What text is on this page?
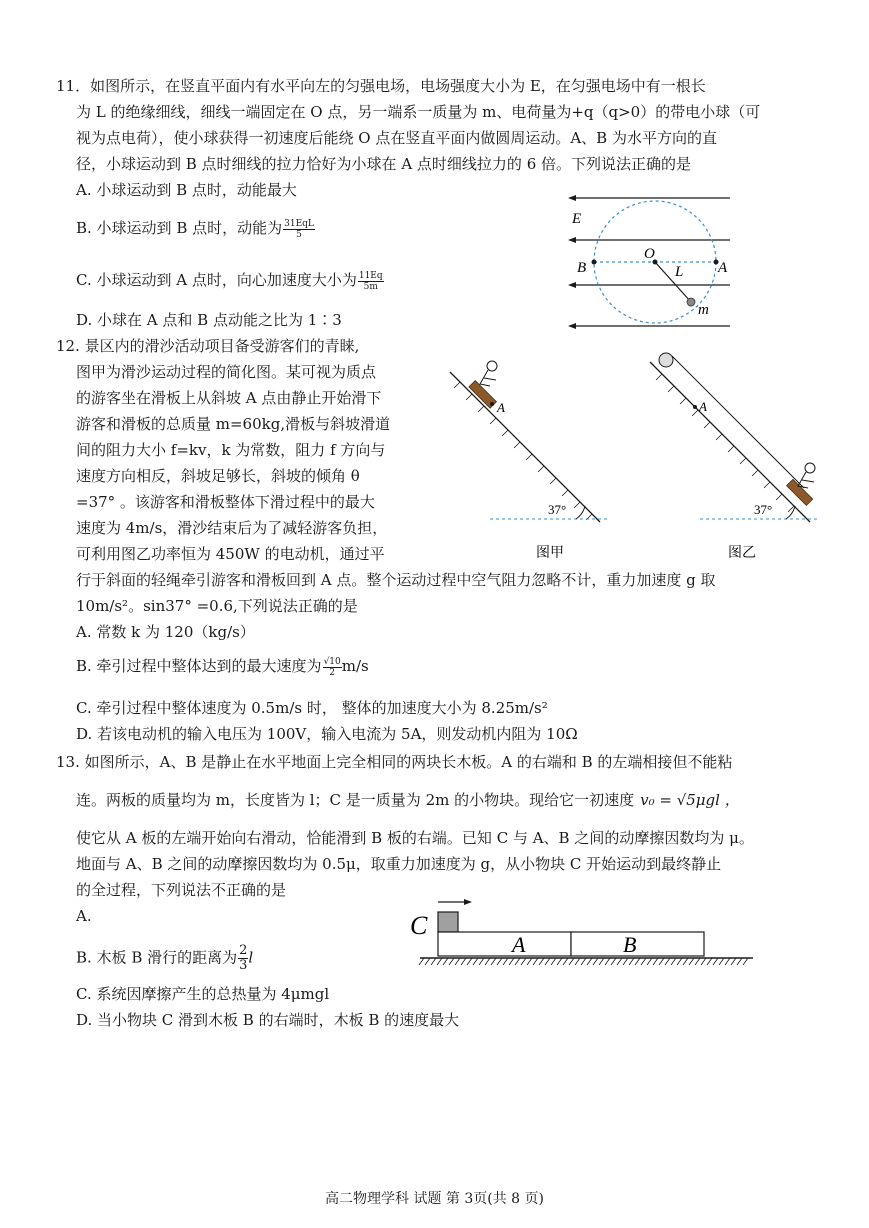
11．如图所示，在竖直平面内有水平向左的匀强电场，电场强度大小为 E，在匀强电场中有一根长
为 L 的绝缘细线，细线一端固定在 O 点，另一端系一质量为 m、电荷量为+q（q>0）的带电小球（可
视为点电荷），使小球获得一初速度后能绕 O 点在竖直平面内做圆周运动。A、B 为水平方向的直
径，小球运动到 B 点时细线的拉力恰好为小球在 A 点时细线拉力的 6 倍。下列说法正确的是
A. 小球运动到 B 点时，动能最大
B. 小球运动到 B 点时，动能为 $\frac{\text{31EqL}}{5}$
C. 小球运动到 A 点时，向心加速度大小为 $\frac{11Eq}{5m}$
D. 小球在 A 点和 B 点动能之比为 1∶3
E
O
B	A
L
m
12. 景区内的滑沙活动项目备受游客们的青睐,
图甲为滑沙运动过程的简化图。某可视为质点
的游客坐在滑板上从斜坡 A 点由静止开始滑下
游客和滑板的总质量 m=60kg,滑板与斜坡滑道
间的阻力大小 f=kv，k 为常数，阻力 f 方向与
速度方向相反，斜坡足够长，斜坡的倾角 θ
=37° 。该游客和滑板整体下滑过程中的最大
速度为 4m/s，滑沙结束后为了减轻游客负担，
可利用图乙功率恒为 450W 的电动机，通过平
行于斜面的轻绳牵引游客和滑板回到 A 点。整个运动过程中空气阻力忽略不计，重力加速度 g 取
10m/s²。sin37° =0.6,下列说法正确的是
A. 常数 k 为 120（kg/s）
B. 牵引过程中整体达到的最大速度为 $\frac{√10}{2} m/s$
C. 牵引过程中整体速度为 0.5m/s 时， 整体的加速度大小为 8.25m/s²
D. 若该电动机的输入电压为 100V，输入电流为 5A，则发动机内阻为 10Ω
A
37°
图甲
A
37°
图乙
13. 如图所示，A、B 是静止在水平地面上完全相同的两块长木板。A 的右端和 B 的左端相接但不能粘
连。两板的质量均为 m，长度皆为 l；C 是一质量为 2m 的小物块。现给它一初速度 v₀ = √5μgl ，
使它从 A 板的左端开始向右滑动，恰能滑到 B 板的右端。已知 C 与 A、B 之间的动摩擦因数均为 μ。
地面与 A、B 之间的动摩擦因数均为 0.5μ，取重力加速度为 g，从小物块 C 开始运动到最终静止
的全过程，下列说法不正确的是
A.
B. 木板 B 滑行的距离为 $\frac{2}{3}$ l
C. 系统因摩擦产生的总热量为 4μmgl
D. 当小物块 C 滑到木板 B 的右端时，木板 B 的速度最大
C
A	B
高二物理学科 试题 第 3页(共 8 页)
